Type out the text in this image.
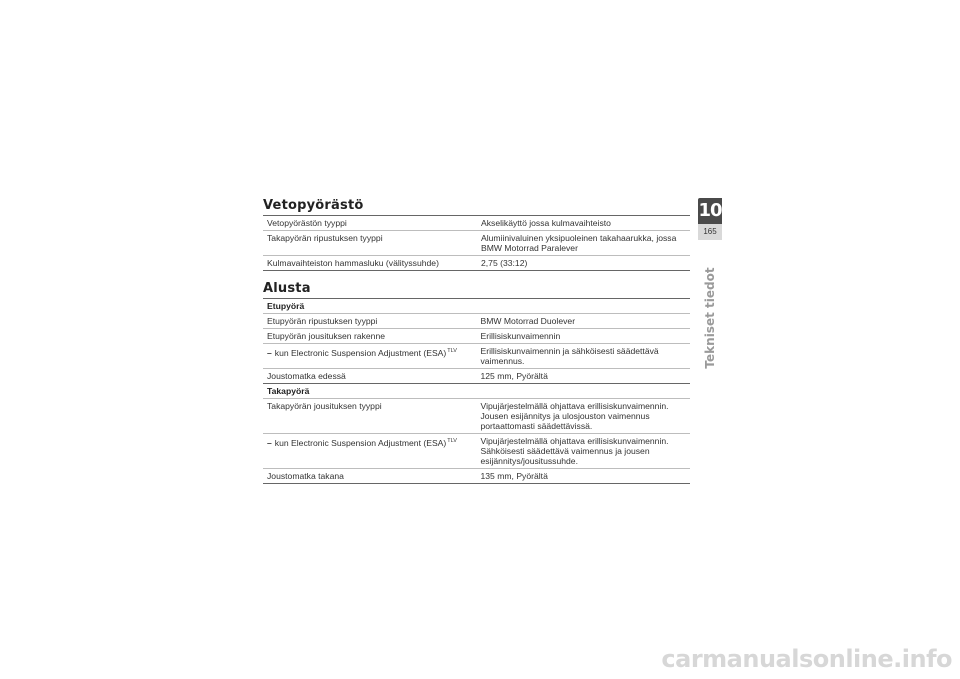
Vetopyörästö
Vetopyörästön tyyppi	Akselikäyttö jossa kulmavaihteisto
Takapyörän ripustuksen tyyppi	Alumiinivaluinen yksipuoleinen takahaarukka, jossa BMW Motorrad Paralever
Kulmavaihteiston hammasluku (välityssuhde)	2,75 (33:12)
Alusta
Etupyörä	
Etupyörän ripustuksen tyyppi	BMW Motorrad Duolever
Etupyörän jousituksen rakenne	Erillisiskunvaimennin
– kun Electronic Suspension Adjustment (ESA)$^{TLV}$	Erillisiskunvaimennin ja sähköisesti säädettävä vaimennus.
Joustomatka edessä	125 mm, Pyörältä
Takapyörä	
Takapyörän jousituksen tyyppi	Vipujärjestelmällä ohjattava erillisiskunvaimennin. Jousen esijännitys ja ulosjouston vaimennus portaattomasti säädettävissä.
– kun Electronic Suspension Adjustment (ESA)$^{TLV}$	Vipujärjestelmällä ohjattava erillisiskunvaimennin. Sähköisesti säädettävä vaimennus ja jousen esijännitys/jousitussuhde.
Joustomatka takana	135 mm, Pyörältä
10
165
Tekniset tiedot
carmanualsonline.info
